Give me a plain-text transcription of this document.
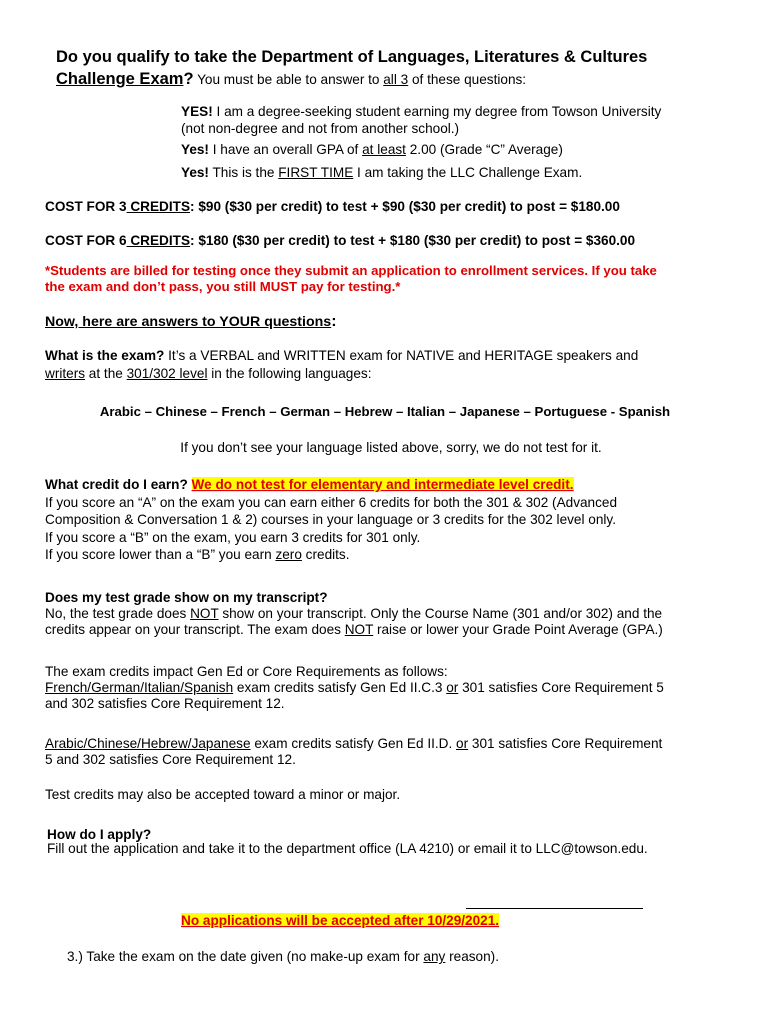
Do you qualify to take the Department of Languages, Literatures & Cultures
Challenge Exam? You must be able to answer to all 3 of these questions:
YES! I am a degree-seeking student earning my degree from Towson University
(not non-degree and not from another school.)
Yes! I have an overall GPA of at least 2.00 (Grade “C” Average)
Yes! This is the FIRST TIME I am taking the LLC Challenge Exam.
COST FOR 3 CREDITS: $90 ($30 per credit) to test + $90 ($30 per credit) to post = $180.00
COST FOR 6 CREDITS: $180 ($30 per credit) to test + $180 ($30 per credit) to post = $360.00
*Students are billed for testing once they submit an application to enrollment services. If you take
the exam and don’t pass, you still MUST pay for testing.*
Now, here are answers to YOUR questions:
What is the exam? It’s a VERBAL and WRITTEN exam for NATIVE and HERITAGE speakers and
writers at the 301/302 level in the following languages:
Arabic – Chinese – French – German – Hebrew – Italian – Japanese – Portuguese - Spanish
If you don’t see your language listed above, sorry, we do not test for it.
What credit do I earn? We do not test for elementary and intermediate level credit.
If you score an “A” on the exam you can earn either 6 credits for both the 301 & 302 (Advanced
Composition & Conversation 1 & 2) courses in your language or 3 credits for the 302 level only.
If you score a “B” on the exam, you earn 3 credits for 301 only.
If you score lower than a “B” you earn zero credits.
Does my test grade show on my transcript?
No, the test grade does NOT show on your transcript. Only the Course Name (301 and/or 302) and the
credits appear on your transcript. The exam does NOT raise or lower your Grade Point Average (GPA.)
The exam credits impact Gen Ed or Core Requirements as follows:
French/German/Italian/Spanish exam credits satisfy Gen Ed II.C.3 or 301 satisfies Core Requirement 5
and 302 satisfies Core Requirement 12.
Arabic/Chinese/Hebrew/Japanese exam credits satisfy Gen Ed II.D. or 301 satisfies Core Requirement
5 and 302 satisfies Core Requirement 12.
Test credits may also be accepted toward a minor or major.
How do I apply?
Fill out the application and take it to the department office (LA 4210) or email it to LLC@towson.edu.
No applications will be accepted after 10/29/2021.
3.) Take the exam on the date given (no make-up exam for any reason).
